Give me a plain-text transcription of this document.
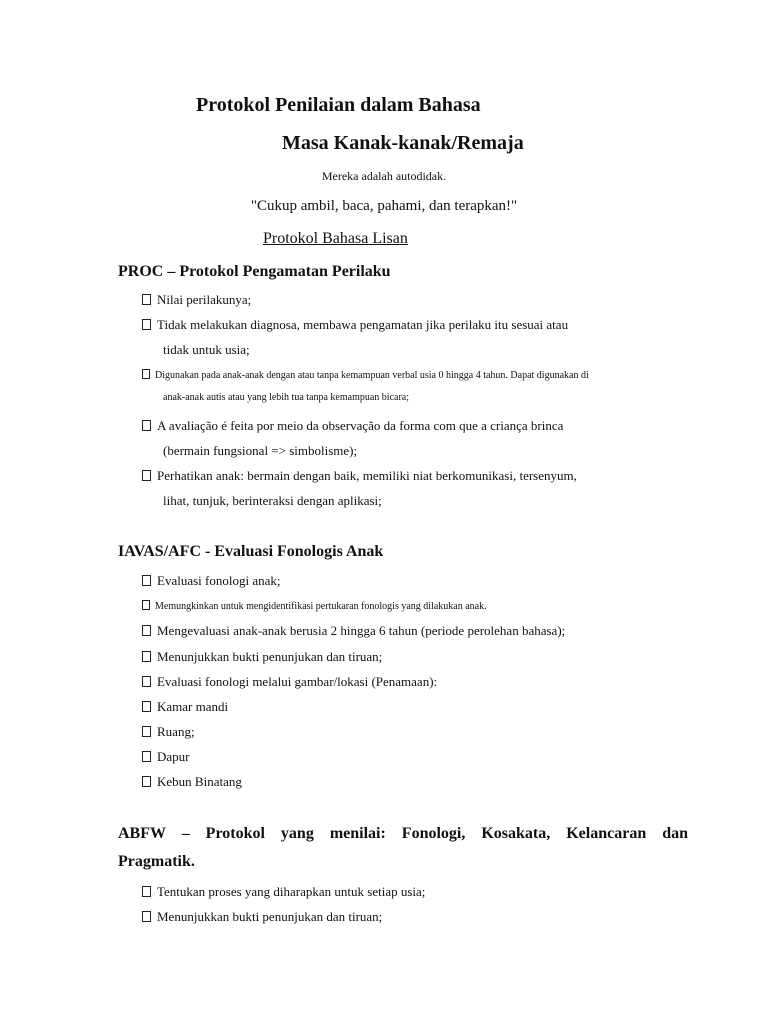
Protokol Penilaian dalam Bahasa
Masa Kanak-kanak/Remaja
Mereka adalah autodidak.
"Cukup ambil, baca, pahami, dan terapkan!"
Protokol Bahasa Lisan
PROC – Protokol Pengamatan Perilaku
Nilai perilakunya;
Tidak melakukan diagnosa, membawa pengamatan jika perilaku itu sesuai atau
tidak untuk usia;
Digunakan pada anak-anak dengan atau tanpa kemampuan verbal usia 0 hingga 4 tahun. Dapat digunakan di
anak-anak autis atau yang lebih tua tanpa kemampuan bicara;
A avaliação é feita por meio da observação da forma com que a criança brinca
(bermain fungsional => simbolisme);
Perhatikan anak: bermain dengan baik, memiliki niat berkomunikasi, tersenyum,
lihat, tunjuk, berinteraksi dengan aplikasi;
IAVAS/AFC - Evaluasi Fonologis Anak
Evaluasi fonologi anak;
Memungkinkan untuk mengidentifikasi pertukaran fonologis yang dilakukan anak.
Mengevaluasi anak-anak berusia 2 hingga 6 tahun (periode perolehan bahasa);
Menunjukkan bukti penunjukan dan tiruan;
Evaluasi fonologi melalui gambar/lokasi (Penamaan):
Kamar mandi
Ruang;
Dapur
Kebun Binatang
ABFW – Protokol yang menilai: Fonologi, Kosakata, Kelancaran dan
Pragmatik.
Tentukan proses yang diharapkan untuk setiap usia;
Menunjukkan bukti penunjukan dan tiruan;
